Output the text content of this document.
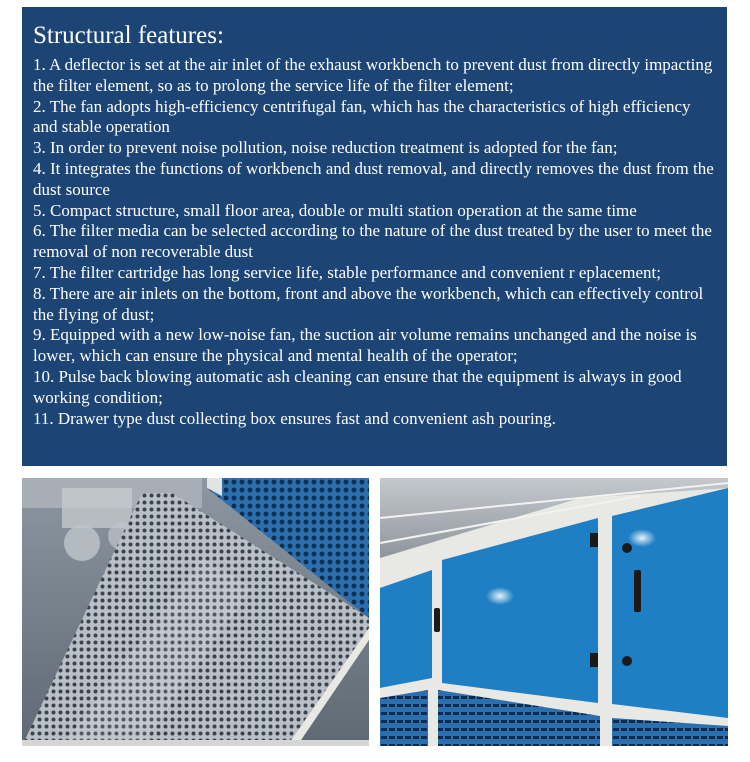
Structural features:
1. A deflector is set at the air inlet of the exhaust workbench to prevent dust from directly impacting the filter element, so as to prolong the service life of the filter element;
2. The fan adopts high-efficiency centrifugal fan, which has the characteristics of high efficiency and stable operation
3. In order to prevent noise pollution, noise reduction treatment is adopted for the fan;
4. It integrates the functions of workbench and dust removal, and directly removes the dust from the dust source
5. Compact structure, small floor area, double or multi station operation at the same time
6. The filter media can be selected according to the nature of the dust treated by the user to meet the removal of non recoverable dust
7. The filter cartridge has long service life, stable performance and convenient r eplacement;
8. There are air inlets on the bottom, front and above the workbench, which can effectively control the flying of dust;
9. Equipped with a new low-noise fan, the suction air volume remains unchanged and the noise is lower, which can ensure the physical and mental health of the operator;
10. Pulse back blowing automatic ash cleaning can ensure that the equipment is always in good working condition;
11. Drawer type dust collecting box ensures fast and convenient ash pouring.
